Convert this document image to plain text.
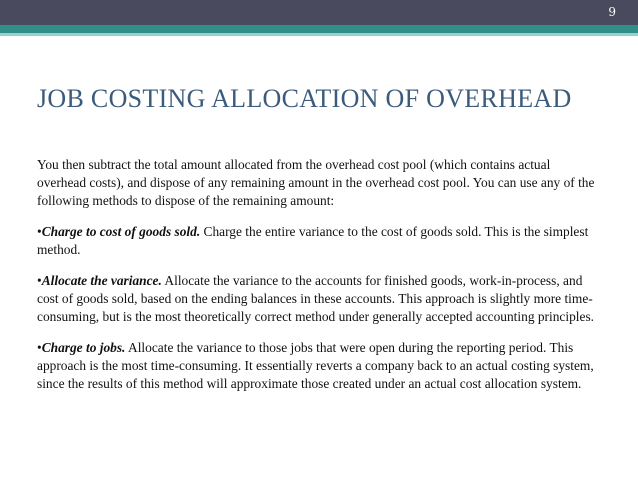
9
JOB COSTING ALLOCATION OF OVERHEAD

You then subtract the total amount allocated from the overhead cost pool (which contains actual overhead costs), and dispose of any remaining amount in the overhead cost pool. You can use any of the following methods to dispose of the remaining amount:

•Charge to cost of goods sold. Charge the entire variance to the cost of goods sold. This is the simplest method.

•Allocate the variance. Allocate the variance to the accounts for finished goods, work-in-process, and cost of goods sold, based on the ending balances in these accounts. This approach is slightly more time-consuming, but is the most theoretically correct method under generally accepted accounting principles.

•Charge to jobs. Allocate the variance to those jobs that were open during the reporting period. This approach is the most time-consuming. It essentially reverts a company back to an actual costing system, since the results of this method will approximate those created under an actual cost allocation system.
